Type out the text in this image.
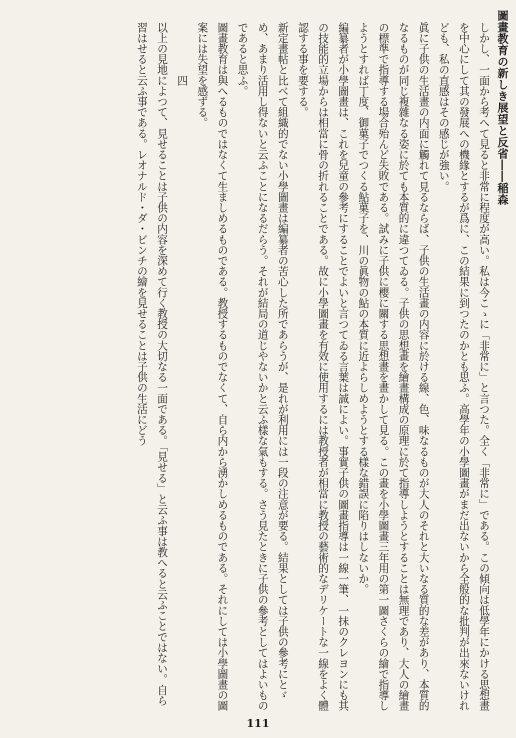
圖畫教育の新しき展望と反省――稲森
しかし、一面から考へて見ると非常に程度が高い。私は今こゝに「非常に」と言つた。全く「非常に」である。この傾向は低學年にかける思想畫を中心にして其の發展への機緣とするが爲に、この結果に到つたのかとも思ふ。高學年の小學圖畫がまだ出ないから全般的な批判が出來ないけれども、私の直感はその感じが強い。
眞に子供の生活畫の内面に觸れて見るならば、子供の生活畫の内容に於ける線、色、味なるものが大人のそれと大いなる質的な差があり、本質的なるものが同じ複雜なる姿に於ても本質的に違つてゐる。子供の思想畫を繪畫構成の原理に於て指導しようとすることは無理であり、大人の繪畫の標準で指導する場合殆んど失敗である。試みに子供に櫻に關する思想畫を畫かして見る。この畫を小學圖畫三年用の第一圖さくらの繪で指導しようとすれば丁度、御菓子でつくる鮎菓子を、川の眞物の鮎の本質に近よらしめようとする樣な錯誤に陷りはしないか。
編纂者が小學圖畫は、これを兒童の參考にすることでよいと言つてゐる言葉は誠によい。事實子供の圖畫指導は一線一筆、一抹のクレヨンにも其の技能的立場からは相當に骨の折れることである。故に小學圖畫を有效に使用するには教授者が相當に教授の藝術的なデリケートな一線をよく體認する事を要する。
新定畫帖と比べて組織的でない小學圖畫は編纂者の苦心した所であらうが、是れが利用には一段の注意が要る。結果としては子供の參考にとゞめ、あまり活用し得ないと云ふことになるだらう。それが結局の道じやないかと云ふ樣な氣もする。さう見たときに子供の參考としてはよいものであると思ふ。
圖畫教育は與へるものではなくて生ましめるものである。教授するものでなくて、自ら内から湧かしめるものである。それにしては小學圖畫の圖案には失望を感ずる。
　　　　　四
以上の見地によつて、見せることは子供の内容を深めて行く教授の大切なる一面である。「見せる」と云ふ事は教へると云ふことではない。自ら習はせると云ふ事である。レオナルド・ダ・ビンチの繪を見せることは子供の生活にどう
111
